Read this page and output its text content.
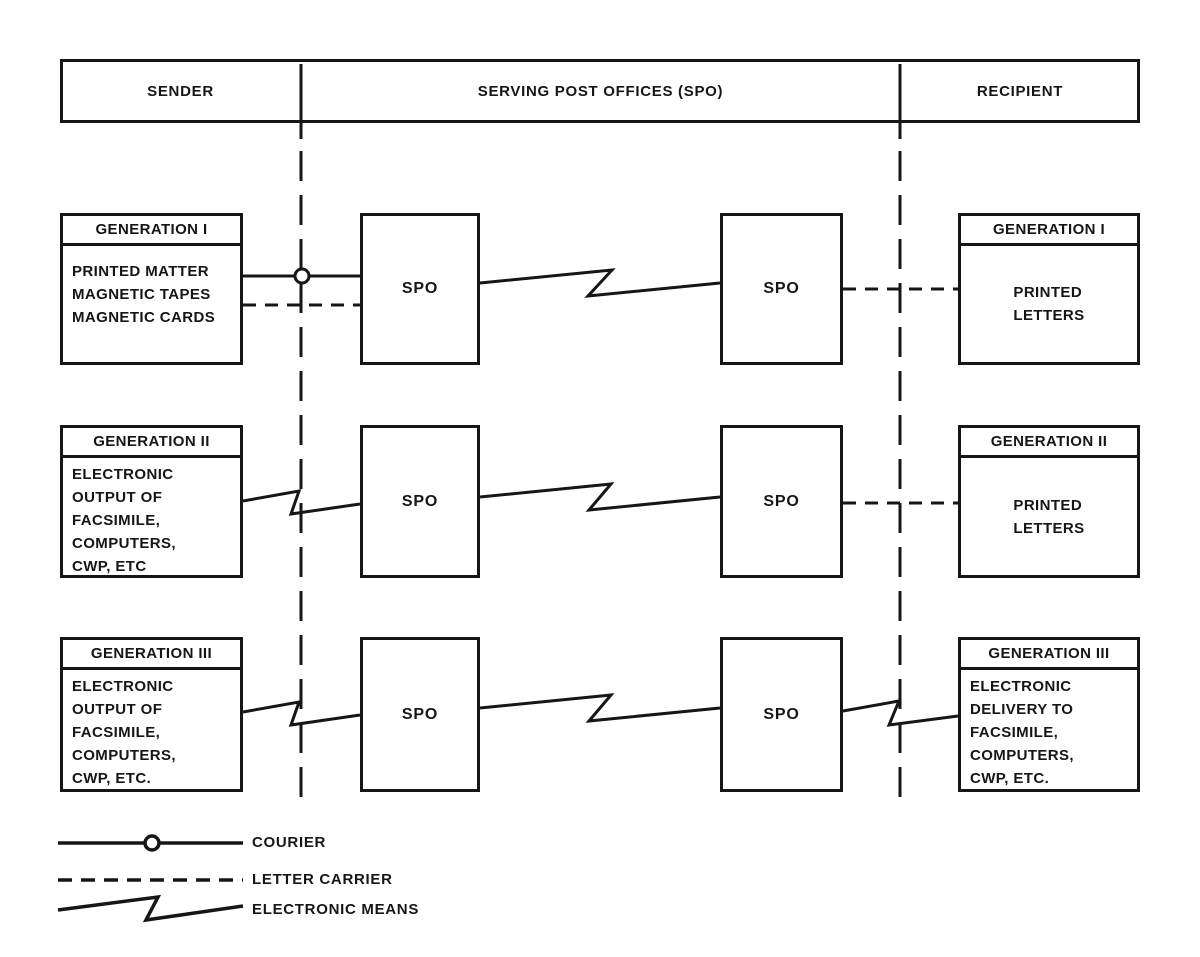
SENDER	SERVING POST OFFICES (SPO)	RECIPIENT
GENERATION I
PRINTED MATTER
MAGNETIC TAPES
MAGNETIC CARDS
SPO	SPO
GENERATION I
PRINTED
LETTERS
GENERATION II
ELECTRONIC
OUTPUT OF
FACSIMILE,
COMPUTERS,
CWP, ETC
SPO	SPO
GENERATION II
PRINTED
LETTERS
GENERATION III
ELECTRONIC
OUTPUT OF
FACSIMILE,
COMPUTERS,
CWP, ETC.
SPO	SPO
GENERATION III
ELECTRONIC
DELIVERY TO
FACSIMILE,
COMPUTERS,
CWP, ETC.
COURIER
LETTER CARRIER
ELECTRONIC MEANS
